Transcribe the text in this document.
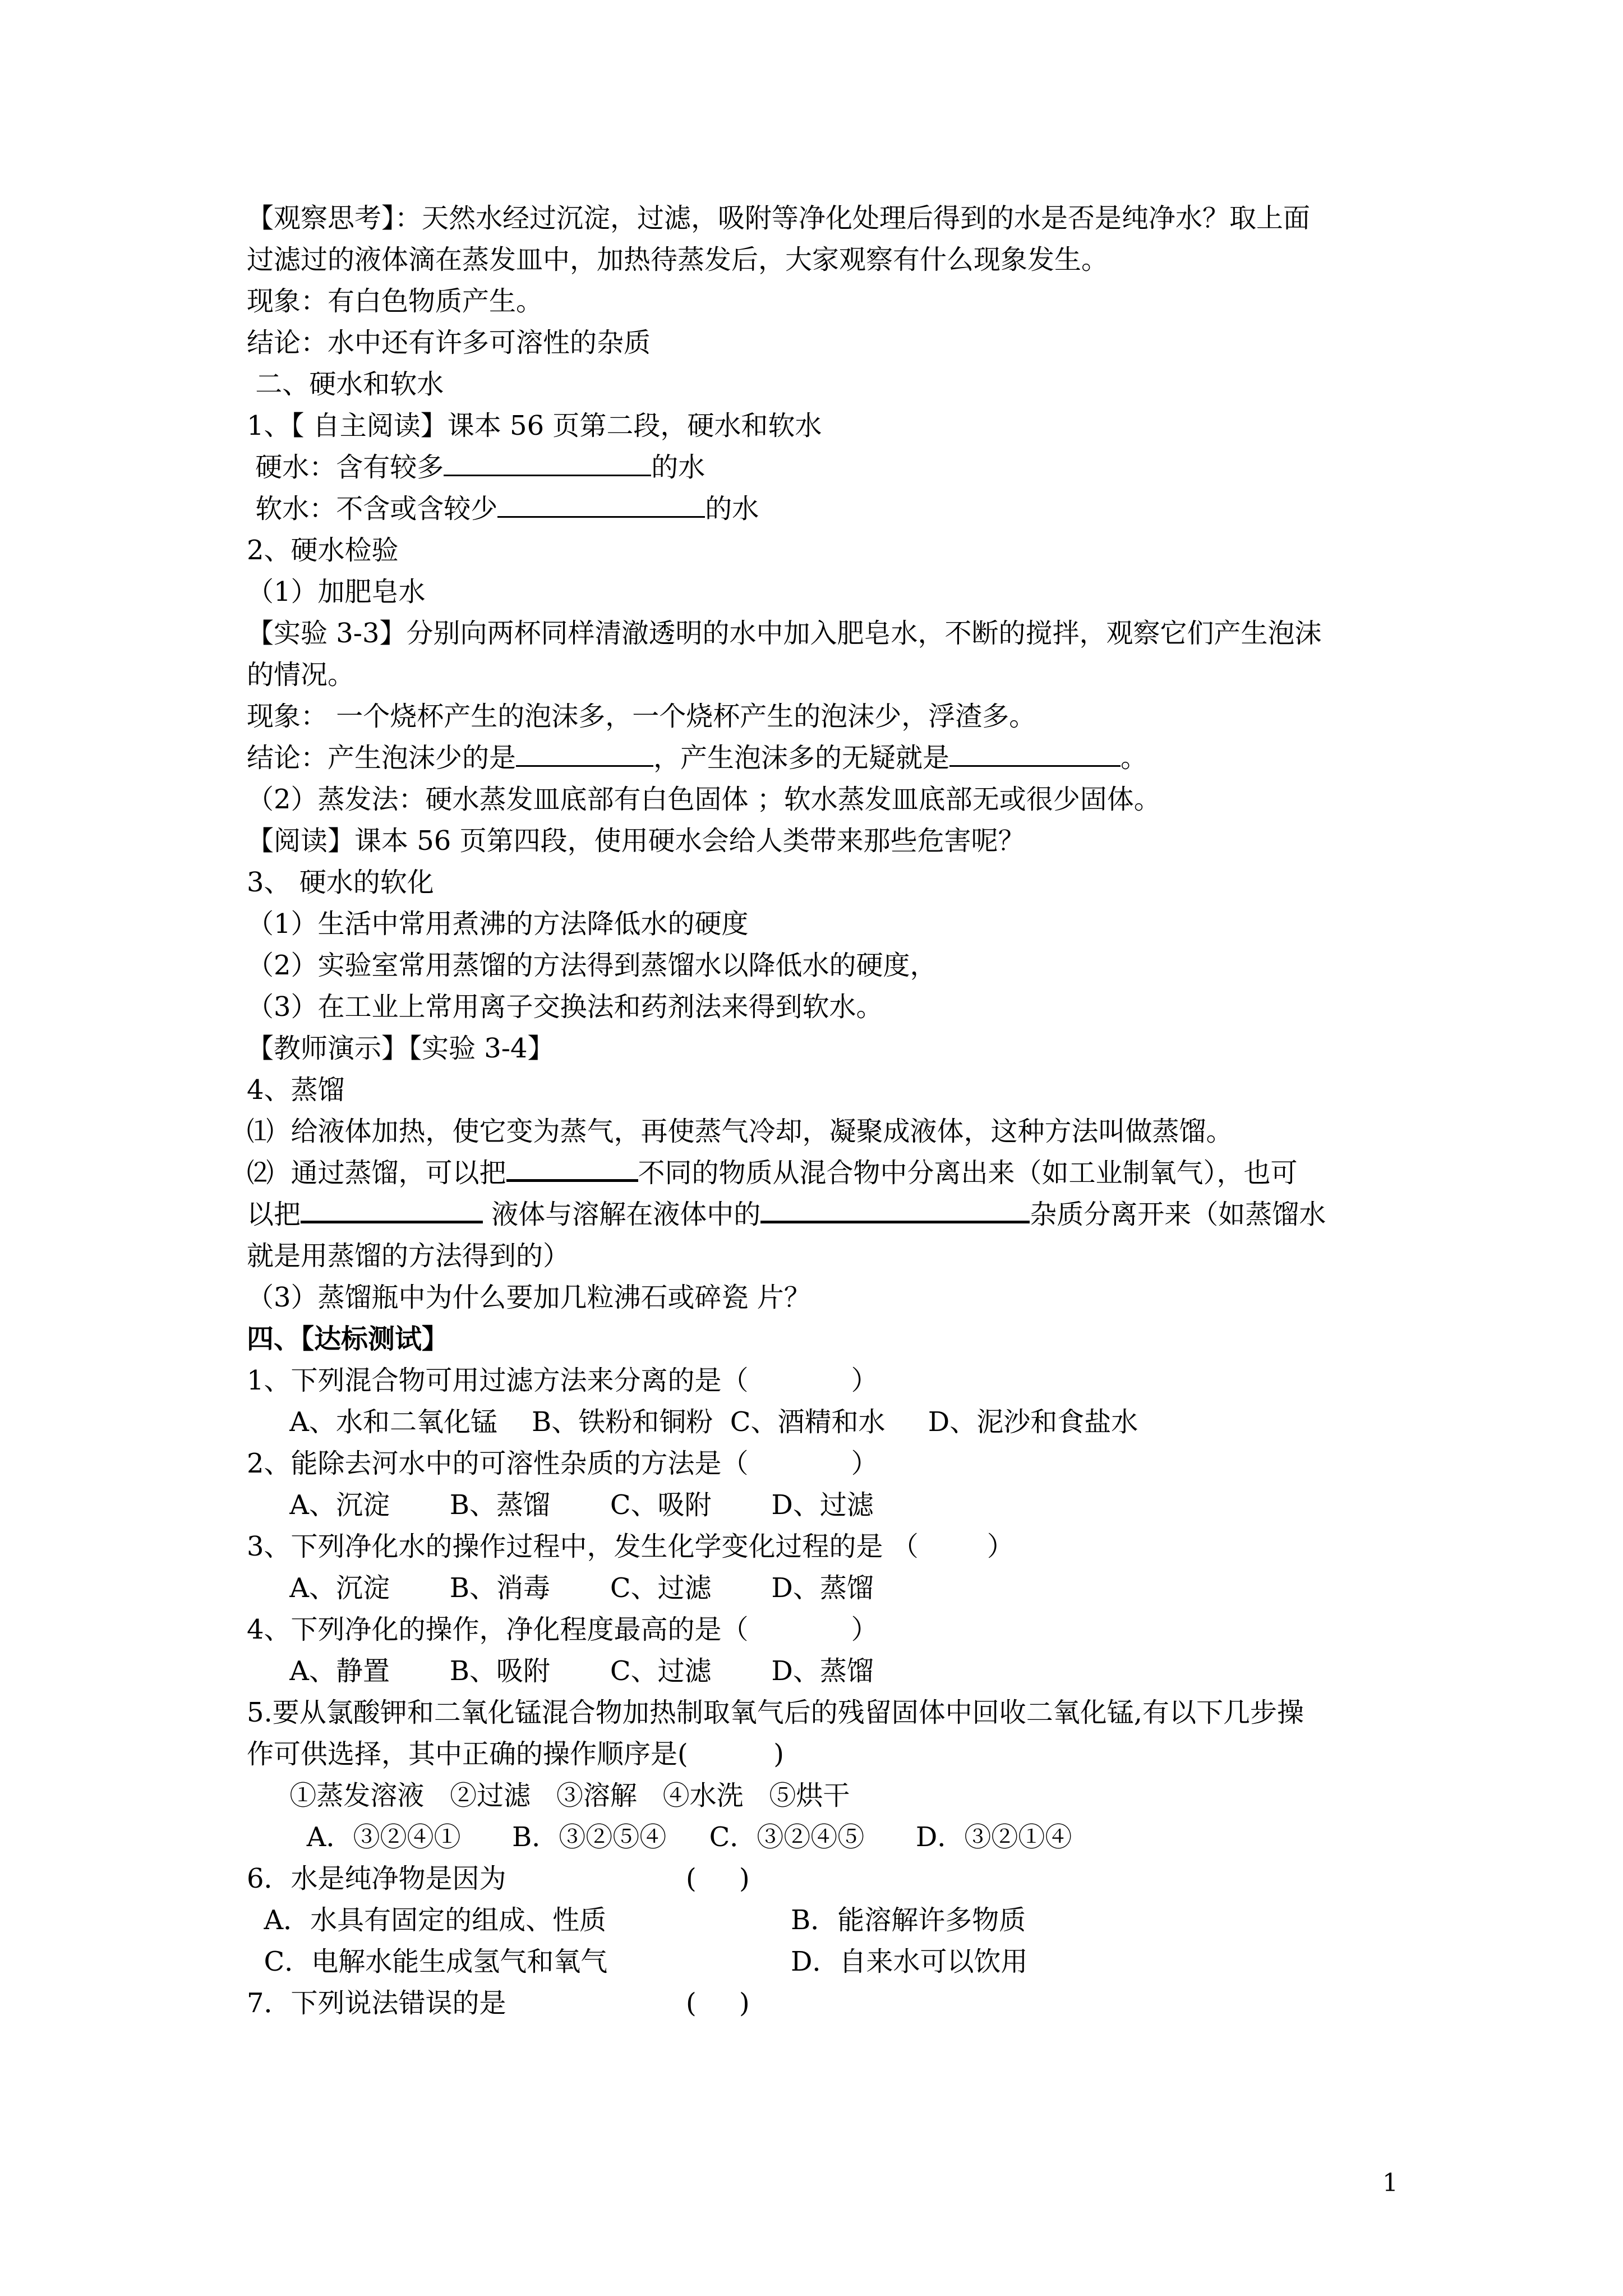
【观察思考】：天然水经过沉淀，过滤，吸附等净化处理后得到的水是否是纯净水？取上面
过滤过的液体滴在蒸发皿中，加热待蒸发后，大家观察有什么现象发生。
现象：有白色物质产生。
结论：水中还有许多可溶性的杂质
二、硬水和软水
1、【 自主阅读】课本 56 页第二段，硬水和软水
硬水：含有较多	的水
软水：不含或含较少	的水
2、硬水检验
（1）加肥皂水
【实验 3-3】分别向两杯同样清澈透明的水中加入肥皂水，不断的搅拌，观察它们产生泡沫
的情况。
现象： 一个烧杯产生的泡沫多，一个烧杯产生的泡沫少，浮渣多。
结论：产生泡沫少的是	，产生泡沫多的无疑就是	。
（2）蒸发法：硬水蒸发皿底部有白色固体 ；软水蒸发皿底部无或很少固体。
【阅读】课本 56 页第四段，使用硬水会给人类带来那些危害呢？
3、 硬水的软化
（1）生活中常用煮沸的方法降低水的硬度
（2）实验室常用蒸馏的方法得到蒸馏水以降低水的硬度，
（3）在工业上常用离子交换法和药剂法来得到软水。
【教师演示】【实验 3-4】
4、蒸馏
⑴  给液体加热，使它变为蒸气，再使蒸气冷却，凝聚成液体，这种方法叫做蒸馏。
⑵  通过蒸馏，可以把	不同的物质从混合物中分离出来（如工业制氧气），也可
以把	液体与溶解在液体中的	杂质分离开来（如蒸馏水
就是用蒸馏的方法得到的）
（3）蒸馏瓶中为什么要加几粒沸石或碎瓷 片？
四、【达标测试】
1、下列混合物可用过滤方法来分离的是（            ）
A、水和二氧化锰    B、铁粉和铜粉  C、酒精和水     D、泥沙和食盐水
2、能除去河水中的可溶性杂质的方法是（            ）
A、沉淀       B、蒸馏       C、吸附       D、过滤
3、下列净化水的操作过程中，发生化学变化过程的是 （        ）
A、沉淀       B、消毒       C、过滤       D、蒸馏
4、下列净化的操作，净化程度最高的是（            ）
A、静置       B、吸附       C、过滤       D、蒸馏
5.要从氯酸钾和二氧化锰混合物加热制取氧气后的残留固体中回收二氧化锰,有以下几步操
作可供选择，其中正确的操作顺序是(          )
①蒸发溶液   ②过滤   ③溶解   ④水洗   ⑤烘干
A．③②④①      B．③②⑤④     C．③②④⑤      D．③②①④
6．水是纯净物是因为                     (     )
A．水具有固定的组成、性质	B．能溶解许多物质
C．电解水能生成氢气和氧气	D．自来水可以饮用
7．下列说法错误的是                     (     )
1
